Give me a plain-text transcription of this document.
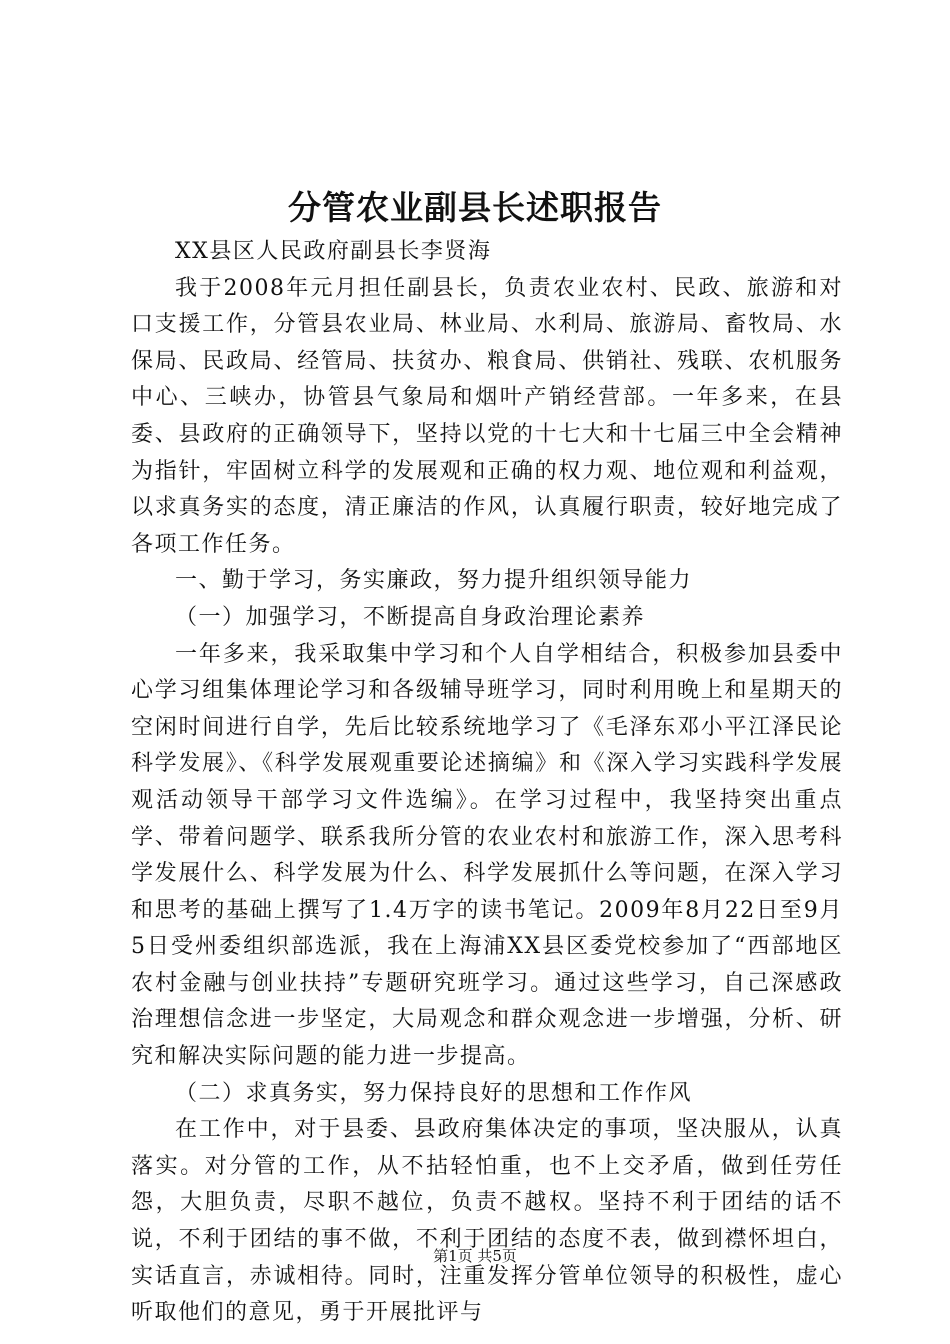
分管农业副县长述职报告

XX县区人民政府副县长李贤海

我于2008年元月担任副县长，负责农业农村、民政、旅游和对口支援工作，分管县农业局、林业局、水利局、旅游局、畜牧局、水保局、民政局、经管局、扶贫办、粮食局、供销社、残联、农机服务中心、三峡办，协管县气象局和烟叶产销经营部。一年多来，在县委、县政府的正确领导下，坚持以党的十七大和十七届三中全会精神为指针，牢固树立科学的发展观和正确的权力观、地位观和利益观，以求真务实的态度，清正廉洁的作风，认真履行职责，较好地完成了各项工作任务。

一、勤于学习，务实廉政，努力提升组织领导能力

（一）加强学习，不断提高自身政治理论素养

一年多来，我采取集中学习和个人自学相结合，积极参加县委中心学习组集体理论学习和各级辅导班学习，同时利用晚上和星期天的空闲时间进行自学，先后比较系统地学习了《毛泽东邓小平江泽民论科学发展》、《科学发展观重要论述摘编》和《深入学习实践科学发展观活动领导干部学习文件选编》。在学习过程中，我坚持突出重点学、带着问题学、联系我所分管的农业农村和旅游工作，深入思考科学发展什么、科学发展为什么、科学发展抓什么等问题，在深入学习和思考的基础上撰写了1.4万字的读书笔记。2009年8月22日至9月5日受州委组织部选派，我在上海浦XX县区委党校参加了“西部地区农村金融与创业扶持”专题研究班学习。通过这些学习，自己深感政治理想信念进一步坚定，大局观念和群众观念进一步增强，分析、研究和解决实际问题的能力进一步提高。

（二）求真务实，努力保持良好的思想和工作作风

在工作中，对于县委、县政府集体决定的事项，坚决服从，认真落实。对分管的工作，从不拈轻怕重，也不上交矛盾，做到任劳任怨，大胆负责，尽职不越位，负责不越权。坚持不利于团结的话不说，不利于团结的事不做，不利于团结的态度不表，做到襟怀坦白，实话直言，赤诚相待。同时，注重发挥分管单位领导的积极性，虚心听取他们的意见，勇于开展批评与

第1页 共5页
